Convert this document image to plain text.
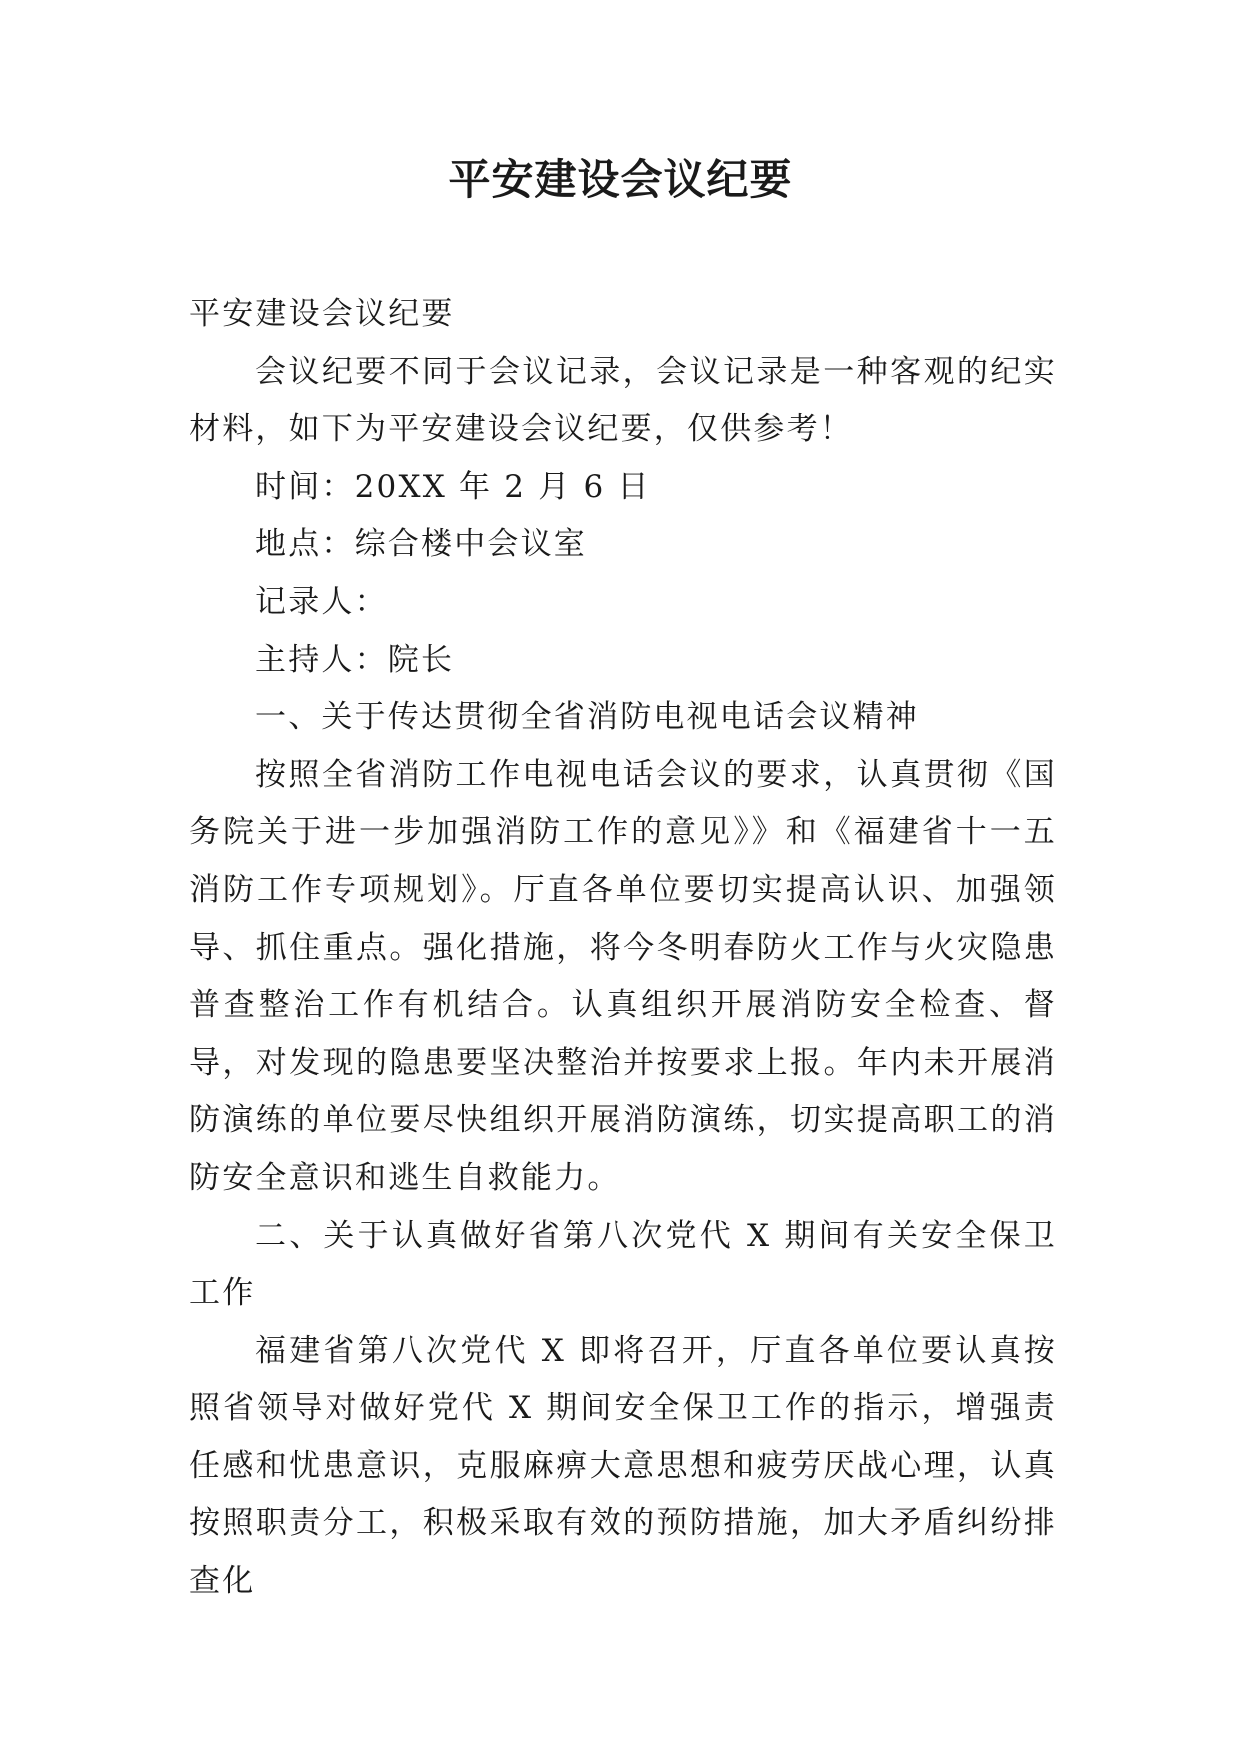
平安建设会议纪要

平安建设会议纪要

会议纪要不同于会议记录，会议记录是一种客观的纪实材料，如下为平安建设会议纪要，仅供参考！

时间：20XX 年 2 月 6 日

地点：综合楼中会议室

记录人：

主持人：院长

一、关于传达贯彻全省消防电视电话会议精神

按照全省消防工作电视电话会议的要求，认真贯彻《国务院关于进一步加强消防工作的意见》》和《福建省十一五消防工作专项规划》。厅直各单位要切实提高认识、加强领导、抓住重点。强化措施，将今冬明春防火工作与火灾隐患普查整治工作有机结合。认真组织开展消防安全检查、督导，对发现的隐患要坚决整治并按要求上报。年内未开展消防演练的单位要尽快组织开展消防演练，切实提高职工的消防安全意识和逃生自救能力。

二、关于认真做好省第八次党代 X 期间有关安全保卫工作

福建省第八次党代 X 即将召开，厅直各单位要认真按照省领导对做好党代 X 期间安全保卫工作的指示，增强责任感和忧患意识，克服麻痹大意思想和疲劳厌战心理，认真按照职责分工，积极采取有效的预防措施，加大矛盾纠纷排查化
